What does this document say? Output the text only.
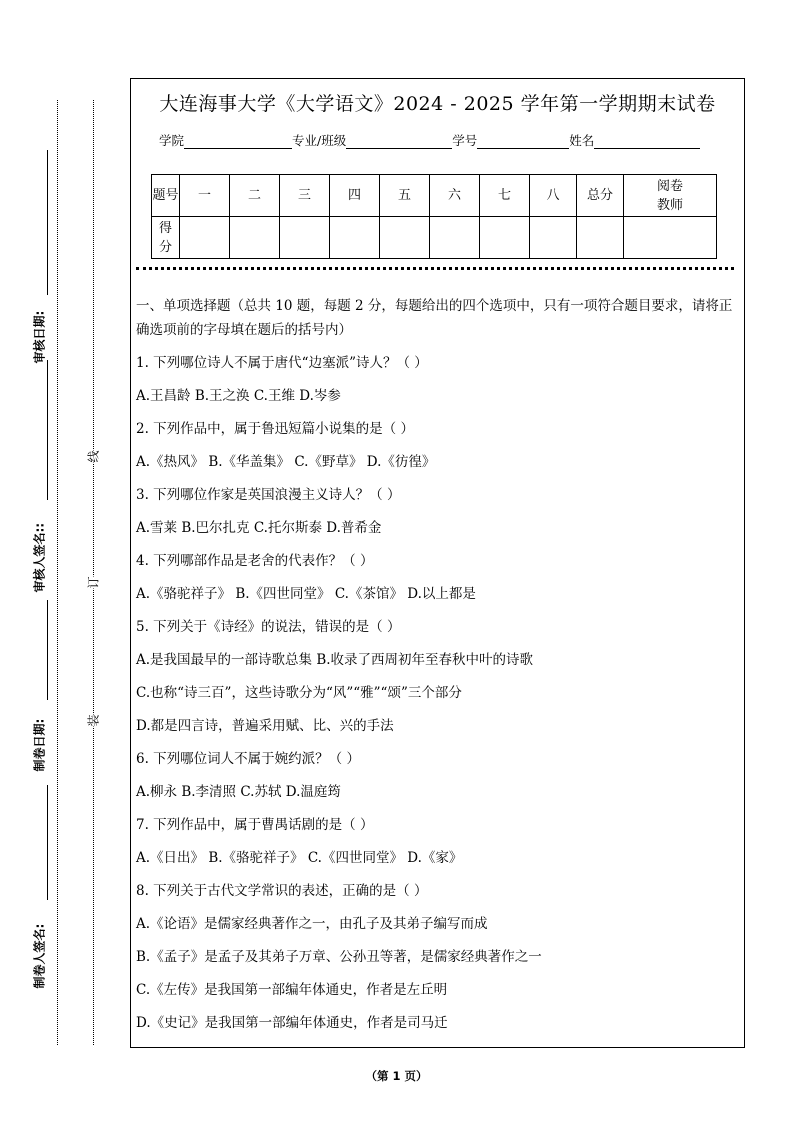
审核日期:
审核人签名::
制卷日期:
制卷人签名:
线
订
装
大连海事大学《大学语文》2024 - 2025 学年第一学期期末试卷
学院	专业/班级	学号	姓名
题号	一	二	三	四	五	六	七	八	总分	阅卷教师
得分										
一、单项选择题（总共 10 题，每题 2 分，每题给出的四个选项中，只有一项符合题目要求，请将正确选项前的字母填在题后的括号内）
1. 下列哪位诗人不属于唐代“边塞派”诗人？（ ）
A.王昌龄 B.王之涣 C.王维 D.岑参
2. 下列作品中，属于鲁迅短篇小说集的是（ ）
A.《热风》 B.《华盖集》 C.《野草》 D.《彷徨》
3. 下列哪位作家是英国浪漫主义诗人？（ ）
A.雪莱 B.巴尔扎克 C.托尔斯泰 D.普希金
4. 下列哪部作品是老舍的代表作？（ ）
A.《骆驼祥子》 B.《四世同堂》 C.《茶馆》 D.以上都是
5. 下列关于《诗经》的说法，错误的是（ ）
A.是我国最早的一部诗歌总集 B.收录了西周初年至春秋中叶的诗歌
C.也称“诗三百”，这些诗歌分为“风”“雅”“颂”三个部分
D.都是四言诗，普遍采用赋、比、兴的手法
6. 下列哪位词人不属于婉约派？（ ）
A.柳永 B.李清照 C.苏轼 D.温庭筠
7. 下列作品中，属于曹禺话剧的是（ ）
A.《日出》 B.《骆驼祥子》 C.《四世同堂》 D.《家》
8. 下列关于古代文学常识的表述，正确的是（ ）
A.《论语》是儒家经典著作之一，由孔子及其弟子编写而成
B.《孟子》是孟子及其弟子万章、公孙丑等著，是儒家经典著作之一
C.《左传》是我国第一部编年体通史，作者是左丘明
D.《史记》是我国第一部编年体通史，作者是司马迁
（第 1 页）
